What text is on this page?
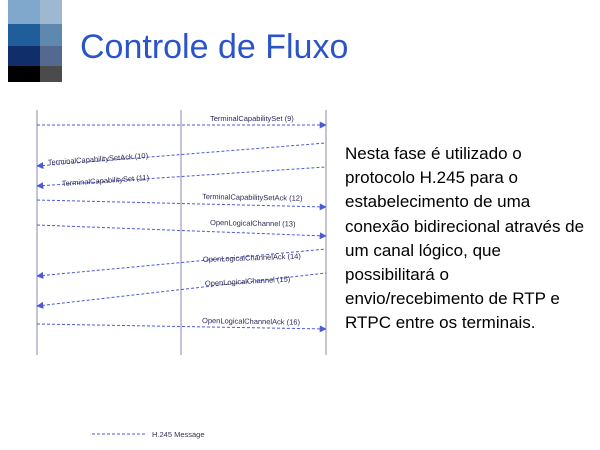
Controle de Fluxo
TerminalCapabilitySet (9)
TerminalCapabilitySetAck (10)
TerminalCapabilitySet (11)
TerminalCapabilitySetAck (12)
OpenLogicalChannel (13)
OpenLogicalChannelAck (14)
OpenLogicalChannel (15)
OpenLogicalChannelAck (16)
H.245 Message

Nesta fase é utilizado o protocolo H.245 para o estabelecimento de uma conexão bidirecional através de um canal lógico, que possibilitará o envio/recebimento de RTP e RTPC entre os terminais.
